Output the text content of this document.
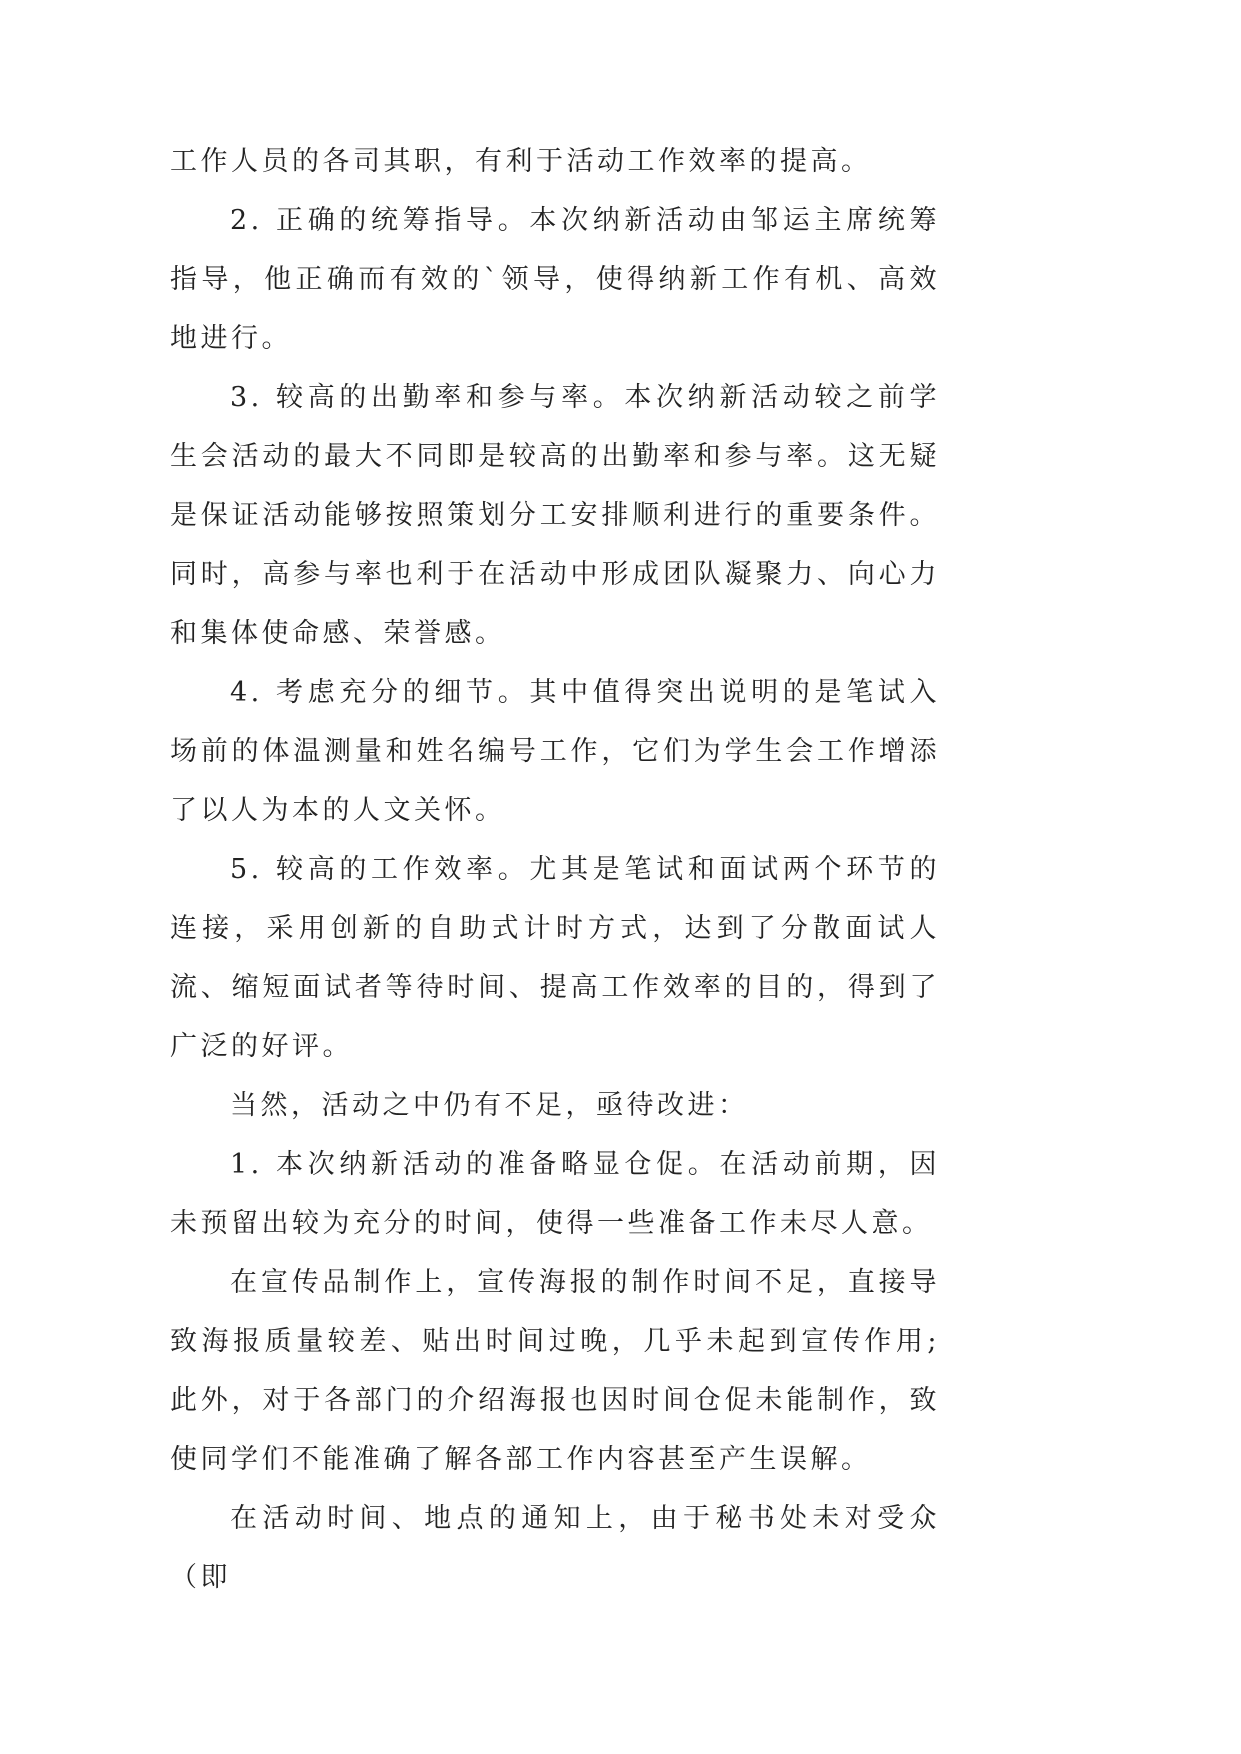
工作人员的各司其职，有利于活动工作效率的提高。

2. 正确的统筹指导。本次纳新活动由邹运主席统筹指导，他正确而有效的`领导，使得纳新工作有机、高效地进行。

3. 较高的出勤率和参与率。本次纳新活动较之前学生会活动的最大不同即是较高的出勤率和参与率。这无疑是保证活动能够按照策划分工安排顺利进行的重要条件。同时，高参与率也利于在活动中形成团队凝聚力、向心力和集体使命感、荣誉感。

4. 考虑充分的细节。其中值得突出说明的是笔试入场前的体温测量和姓名编号工作，它们为学生会工作增添了以人为本的人文关怀。

5. 较高的工作效率。尤其是笔试和面试两个环节的连接，采用创新的自助式计时方式，达到了分散面试人流、缩短面试者等待时间、提高工作效率的目的，得到了广泛的好评。

当然，活动之中仍有不足，亟待改进：

1. 本次纳新活动的准备略显仓促。在活动前期，因未预留出较为充分的时间，使得一些准备工作未尽人意。

在宣传品制作上，宣传海报的制作时间不足，直接导致海报质量较差、贴出时间过晚，几乎未起到宣传作用;此外，对于各部门的介绍海报也因时间仓促未能制作，致使同学们不能准确了解各部工作内容甚至产生误解。

在活动时间、地点的通知上，由于秘书处未对受众（即
